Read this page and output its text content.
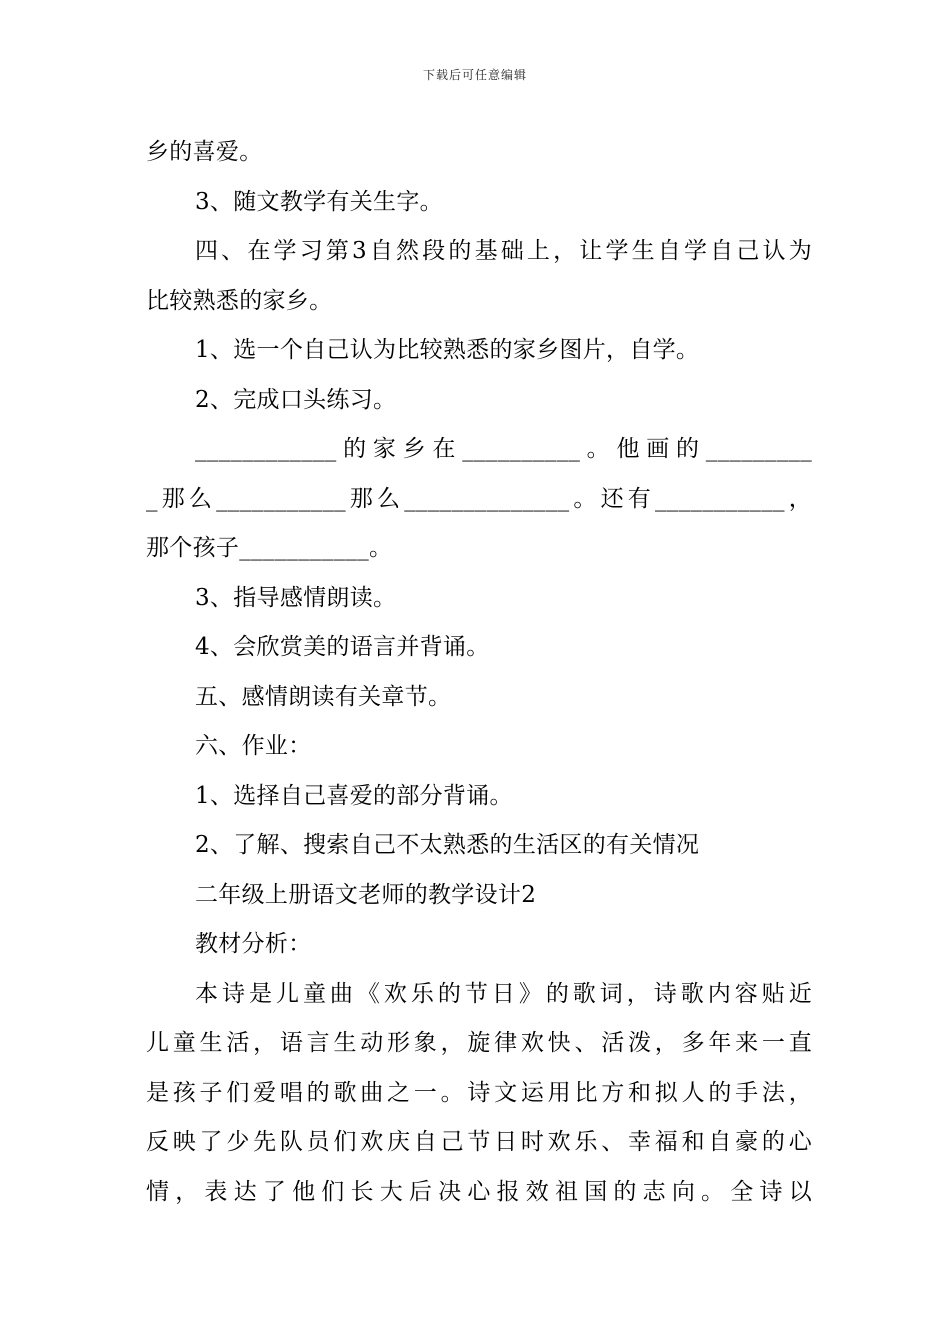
下载后可任意编辑
乡的喜爱。
3、随文教学有关生字。
四、在学习第3自然段的基础上，让学生自学自己认为
比较熟悉的家乡。
1、选一个自己认为比较熟悉的家乡图片，自学。
2、完成口头练习。
____________的家乡在__________。他画的_________
_那么___________那么______________。还有___________，
那个孩子___________。
3、指导感情朗读。
4、会欣赏美的语言并背诵。
五、感情朗读有关章节。
六、作业：
1、选择自己喜爱的部分背诵。
2、了解、搜索自己不太熟悉的生活区的有关情况
二年级上册语文老师的教学设计2
教材分析：
本诗是儿童曲《欢乐的节日》的歌词，诗歌内容贴近
儿童生活，语言生动形象，旋律欢快、活泼，多年来一直
是孩子们爱唱的歌曲之一。诗文运用比方和拟人的手法，
反映了少先队员们欢庆自己节日时欢乐、幸福和自豪的心
情，表达了他们长大后决心报效祖国的志向。全诗以
